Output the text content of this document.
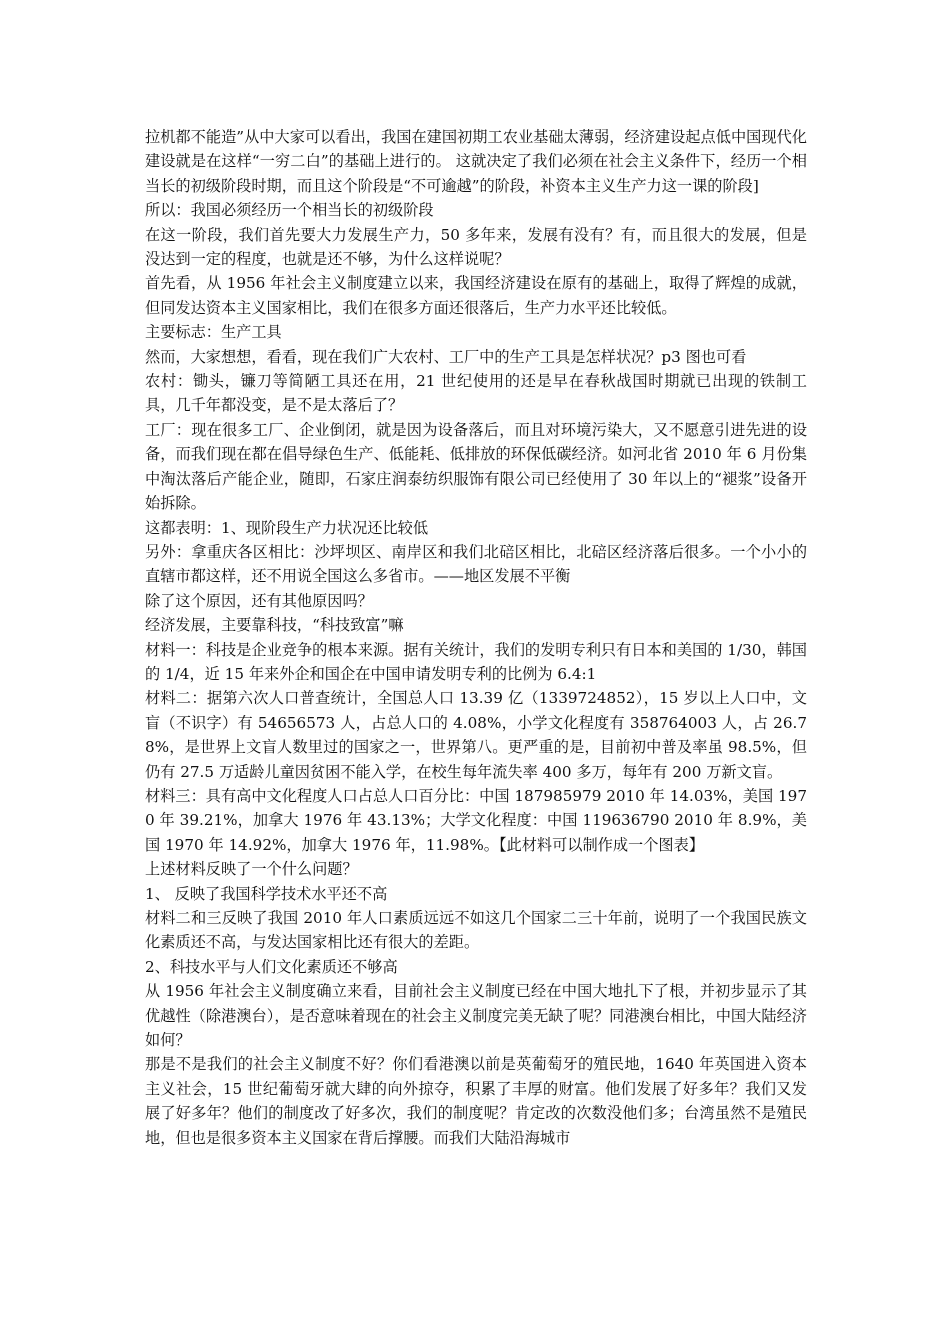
拉机都不能造”从中大家可以看出，我国在建国初期工农业基础太薄弱，经济建设起点低中国现代化建设就是在这样“一穷二白”的基础上进行的。 这就决定了我们必须在社会主义条件下，经历一个相当长的初级阶段时期，而且这个阶段是“不可逾越”的阶段，补资本主义生产力这一课的阶段]

所以：我国必须经历一个相当长的初级阶段

在这一阶段，我们首先要大力发展生产力，50 多年来，发展有没有？有，而且很大的发展，但是没达到一定的程度，也就是还不够，为什么这样说呢？

首先看，从 1956 年社会主义制度建立以来，我国经济建设在原有的基础上，取得了辉煌的成就，但同发达资本主义国家相比，我们在很多方面还很落后，生产力水平还比较低。

主要标志：生产工具

然而，大家想想，看看，现在我们广大农村、工厂中的生产工具是怎样状况？p3 图也可看

农村：锄头，镰刀等简陋工具还在用，21 世纪使用的还是早在春秋战国时期就已出现的铁制工具，几千年都没变，是不是太落后了？

工厂：现在很多工厂、企业倒闭，就是因为设备落后，而且对环境污染大，又不愿意引进先进的设备，而我们现在都在倡导绿色生产、低能耗、低排放的环保低碳经济。如河北省 2010 年 6 月份集中淘汰落后产能企业，随即，石家庄润泰纺织服饰有限公司已经使用了 30 年以上的“褪浆”设备开始拆除。

这都表明：1、现阶段生产力状况还比较低

另外：拿重庆各区相比：沙坪坝区、南岸区和我们北碚区相比，北碚区经济落后很多。一个小小的直辖市都这样，还不用说全国这么多省市。——地区发展不平衡

除了这个原因，还有其他原因吗？

经济发展，主要靠科技，“科技致富”嘛

材料一：科技是企业竞争的根本来源。据有关统计，我们的发明专利只有日本和美国的 1/30，韩国的 1/4，近 15 年来外企和国企在中国申请发明专利的比例为 6.4:1

材料二：据第六次人口普查统计，全国总人口 13.39 亿（1339724852），15 岁以上人口中，文盲（不识字）有 54656573 人，占总人口的 4.08%，小学文化程度有 358764003 人，占 26.78%，是世界上文盲人数里过的国家之一，世界第八。更严重的是，目前初中普及率虽 98.5%，但仍有 27.5 万适龄儿童因贫困不能入学，在校生每年流失率 400 多万，每年有 200 万新文盲。

材料三：具有高中文化程度人口占总人口百分比：中国 187985979 2010 年 14.03%，美国 1970 年 39.21%，加拿大 1976 年 43.13%；大学文化程度：中国 119636790 2010 年 8.9%，美国 1970 年 14.92%，加拿大 1976 年，11.98%。【此材料可以制作成一个图表】

上述材料反映了一个什么问题？

1、 反映了我国科学技术水平还不高

材料二和三反映了我国 2010 年人口素质远远不如这几个国家二三十年前，说明了一个我国民族文化素质还不高，与发达国家相比还有很大的差距。

2、科技水平与人们文化素质还不够高

从 1956 年社会主义制度确立来看，目前社会主义制度已经在中国大地扎下了根，并初步显示了其优越性（除港澳台），是否意味着现在的社会主义制度完美无缺了呢？同港澳台相比，中国大陆经济如何？

那是不是我们的社会主义制度不好？你们看港澳以前是英葡萄牙的殖民地，1640 年英国进入资本主义社会，15 世纪葡萄牙就大肆的向外掠夺，积累了丰厚的财富。他们发展了好多年？我们又发展了好多年？他们的制度改了好多次，我们的制度呢？肯定改的次数没他们多；台湾虽然不是殖民地，但也是很多资本主义国家在背后撑腰。而我们大陆沿海城市
